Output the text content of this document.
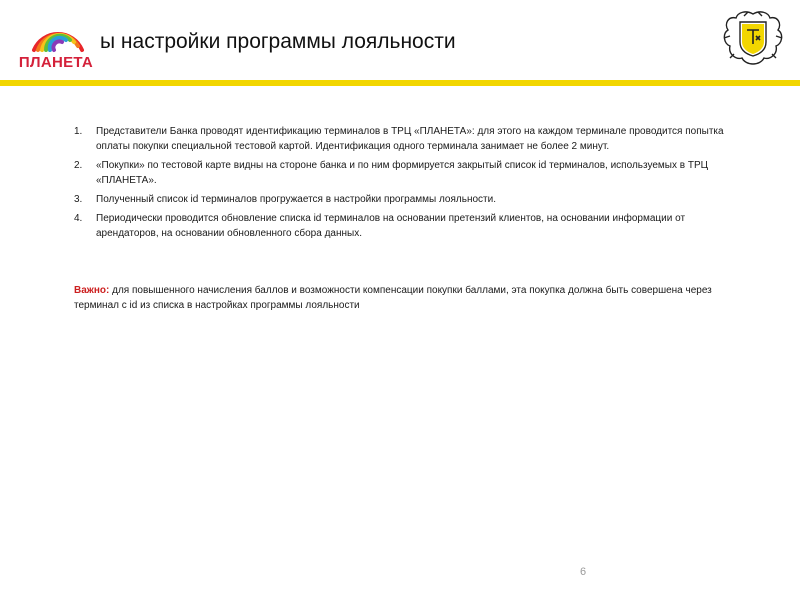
ПЛАНЕТА
ы настройки программы лояльности
1. Представители Банка проводят идентификацию терминалов в ТРЦ «ПЛАНЕТА»: для этого на каждом терминале проводится попытка оплаты покупки специальной тестовой картой. Идентификация одного терминала занимает не более 2 минут.
2. «Покупки» по тестовой карте видны на стороне банка и по ним формируется закрытый список id терминалов, используемых в ТРЦ «ПЛАНЕТА».
3. Полученный список id терминалов прогружается в настройки программы лояльности.
4. Периодически проводится обновление списка id терминалов на основании претензий клиентов, на основании информации от арендаторов, на основании обновленного сбора данных.
Важно: для повышенного начисления баллов и возможности компенсации покупки баллами, эта покупка должна быть совершена через терминал с id из списка в настройках программы лояльности
6
